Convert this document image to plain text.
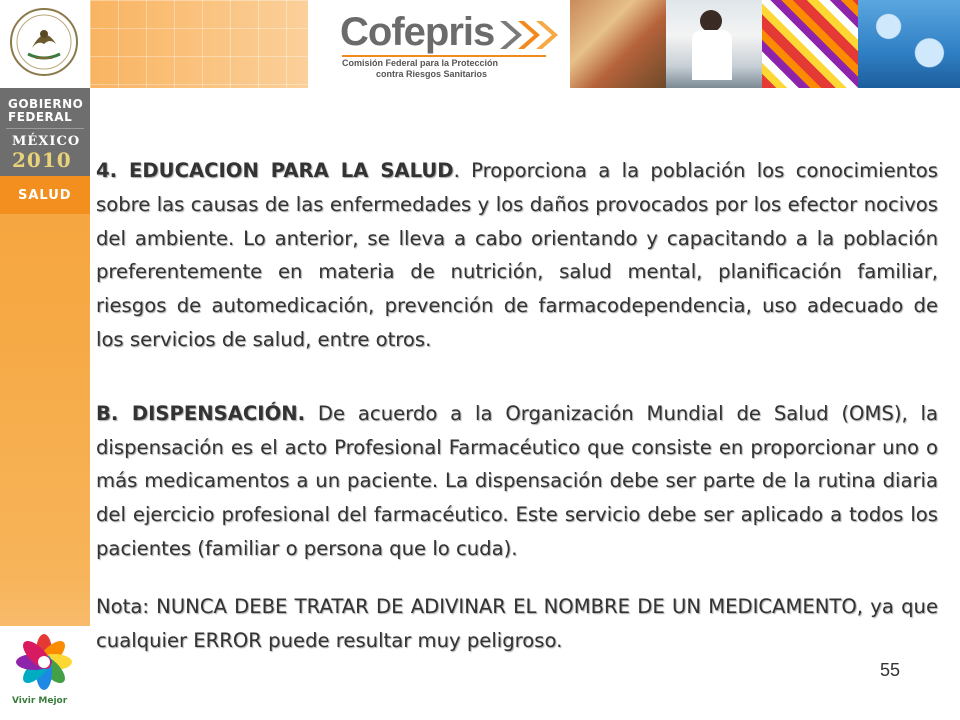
GOBIERNO
FEDERAL
MÉXICO
2010
SALUD
Vivir Mejor
Cofepris
Comisión Federal para la Protección
contra Riesgos Sanitarios

4. EDUCACION PARA LA SALUD. Proporciona a la población los conocimientos sobre las causas de las enfermedades y los daños provocados por los efector nocivos del ambiente. Lo anterior, se lleva a cabo orientando y capacitando a la población preferentemente en materia de nutrición, salud mental, planificación familiar, riesgos de automedicación, prevención de farmacodependencia, uso adecuado de los servicios de salud, entre otros.

B. DISPENSACIÓN. De acuerdo a la Organización Mundial de Salud (OMS), la dispensación es el acto Profesional Farmacéutico que consiste en proporcionar uno o más medicamentos a un paciente. La dispensación debe ser parte de la rutina diaria del ejercicio profesional del farmacéutico. Este servicio debe ser aplicado a todos los pacientes (familiar o persona que lo cuda).

Nota: NUNCA DEBE TRATAR DE ADIVINAR EL NOMBRE DE UN MEDICAMENTO, ya que cualquier ERROR puede resultar muy peligroso.

55
